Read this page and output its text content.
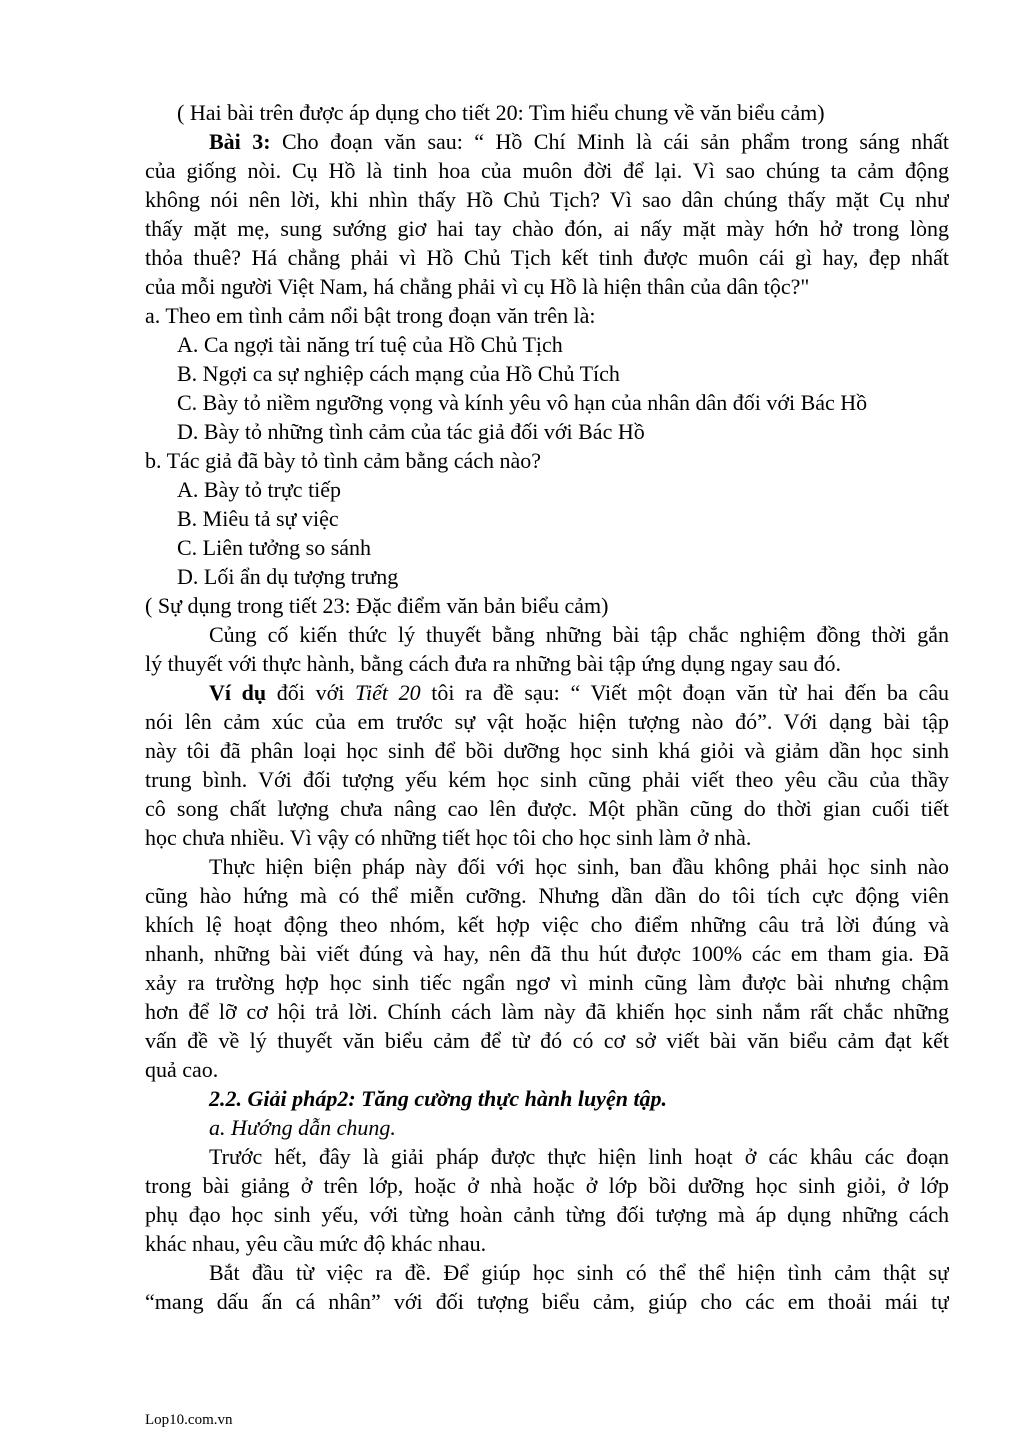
( Hai bài trên được áp dụng cho tiết 20: Tìm hiểu chung về văn biểu cảm)
Bài 3: Cho đoạn văn sau: “ Hồ Chí Minh là cái sản phẩm trong sáng nhất
của giống nòi. Cụ Hồ là tinh hoa của muôn đời để lại. Vì sao chúng ta cảm động
không nói nên lời, khi nhìn thấy Hồ Chủ Tịch? Vì sao dân chúng thấy mặt Cụ như
thấy mặt mẹ, sung sướng giơ hai tay chào đón, ai nấy mặt mày hớn hở trong lòng
thỏa thuê? Há chẳng phải vì Hồ Chủ Tịch kết tinh được muôn cái gì hay, đẹp nhất
của mỗi người Việt Nam, há chẳng phải vì cụ Hồ là hiện thân của dân tộc?"
a. Theo em tình cảm nổi bật trong đoạn văn trên là:
A. Ca ngợi tài năng trí tuệ của Hồ Chủ Tịch
B. Ngợi ca sự nghiệp cách mạng của Hồ Chủ Tích
C. Bày tỏ niềm ngưỡng vọng và kính yêu vô hạn của nhân dân đối với Bác Hồ
D. Bày tỏ những tình cảm của tác giả đối với Bác Hồ
b. Tác giả đã bày tỏ tình cảm bằng cách nào?
A. Bày tỏ trực tiếp
B. Miêu tả sự việc
C. Liên tưởng so sánh
D. Lối ẩn dụ tượng trưng
( Sự dụng trong tiết 23: Đặc điểm văn bản biểu cảm)
Củng cố kiến thức lý thuyết bằng những bài tập chắc nghiệm đồng thời gắn
lý thuyết với thực hành, bằng cách đưa ra những bài tập ứng dụng ngay sau đó.
Ví dụ đối với Tiết 20 tôi ra đề sạu: “ Viết một đoạn văn từ hai đến ba câu
nói lên cảm xúc của em trước sự vật hoặc hiện tượng nào đó”. Với dạng bài tập
này tôi đã phân loại học sinh để bồi dưỡng học sinh khá giỏi và giảm dần học sinh
trung bình. Với đối tượng yếu kém học sinh cũng phải viết theo yêu cầu của thầy
cô song chất lượng chưa nâng cao lên được. Một phần cũng do thời gian cuối tiết
học chưa nhiều. Vì vậy có những tiết học tôi cho học sinh làm ở nhà.
Thực hiện biện pháp này đối với học sinh, ban đầu không phải học sinh nào
cũng hào hứng mà có thể miễn cưỡng. Nhưng dần dần do tôi tích cực động viên
khích lệ hoạt động theo nhóm, kết hợp việc cho điểm những câu trả lời đúng và
nhanh, những bài viết đúng và hay, nên đã thu hút được 100% các em tham gia. Đã
xảy ra trường hợp học sinh tiếc ngẩn ngơ vì minh cũng làm được bài nhưng chậm
hơn để lỡ cơ hội trả lời. Chính cách làm này đã khiến học sinh nắm rất chắc những
vấn đề về lý thuyết văn biểu cảm để từ đó có cơ sở viết bài văn biểu cảm đạt kết
quả cao.
2.2. Giải pháp2: Tăng cường thực hành luyện tập.
a. Hướng dẫn chung.
Trước hết, đây là giải pháp được thực hiện linh hoạt ở các khâu các đoạn
trong bài giảng ở trên lớp, hoặc ở nhà hoặc ở lớp bồi dưỡng học sinh giỏi, ở lớp
phụ đạo học sinh yếu, với từng hoàn cảnh từng đối tượng mà áp dụng những cách
khác nhau, yêu cầu mức độ khác nhau.
Bắt đầu từ việc ra đề. Để giúp học sinh có thể thể hiện tình cảm thật sự
“mang dấu ấn cá nhân” với đối tượng biểu cảm, giúp cho các em thoải mái tự
Lop10.com.vn
